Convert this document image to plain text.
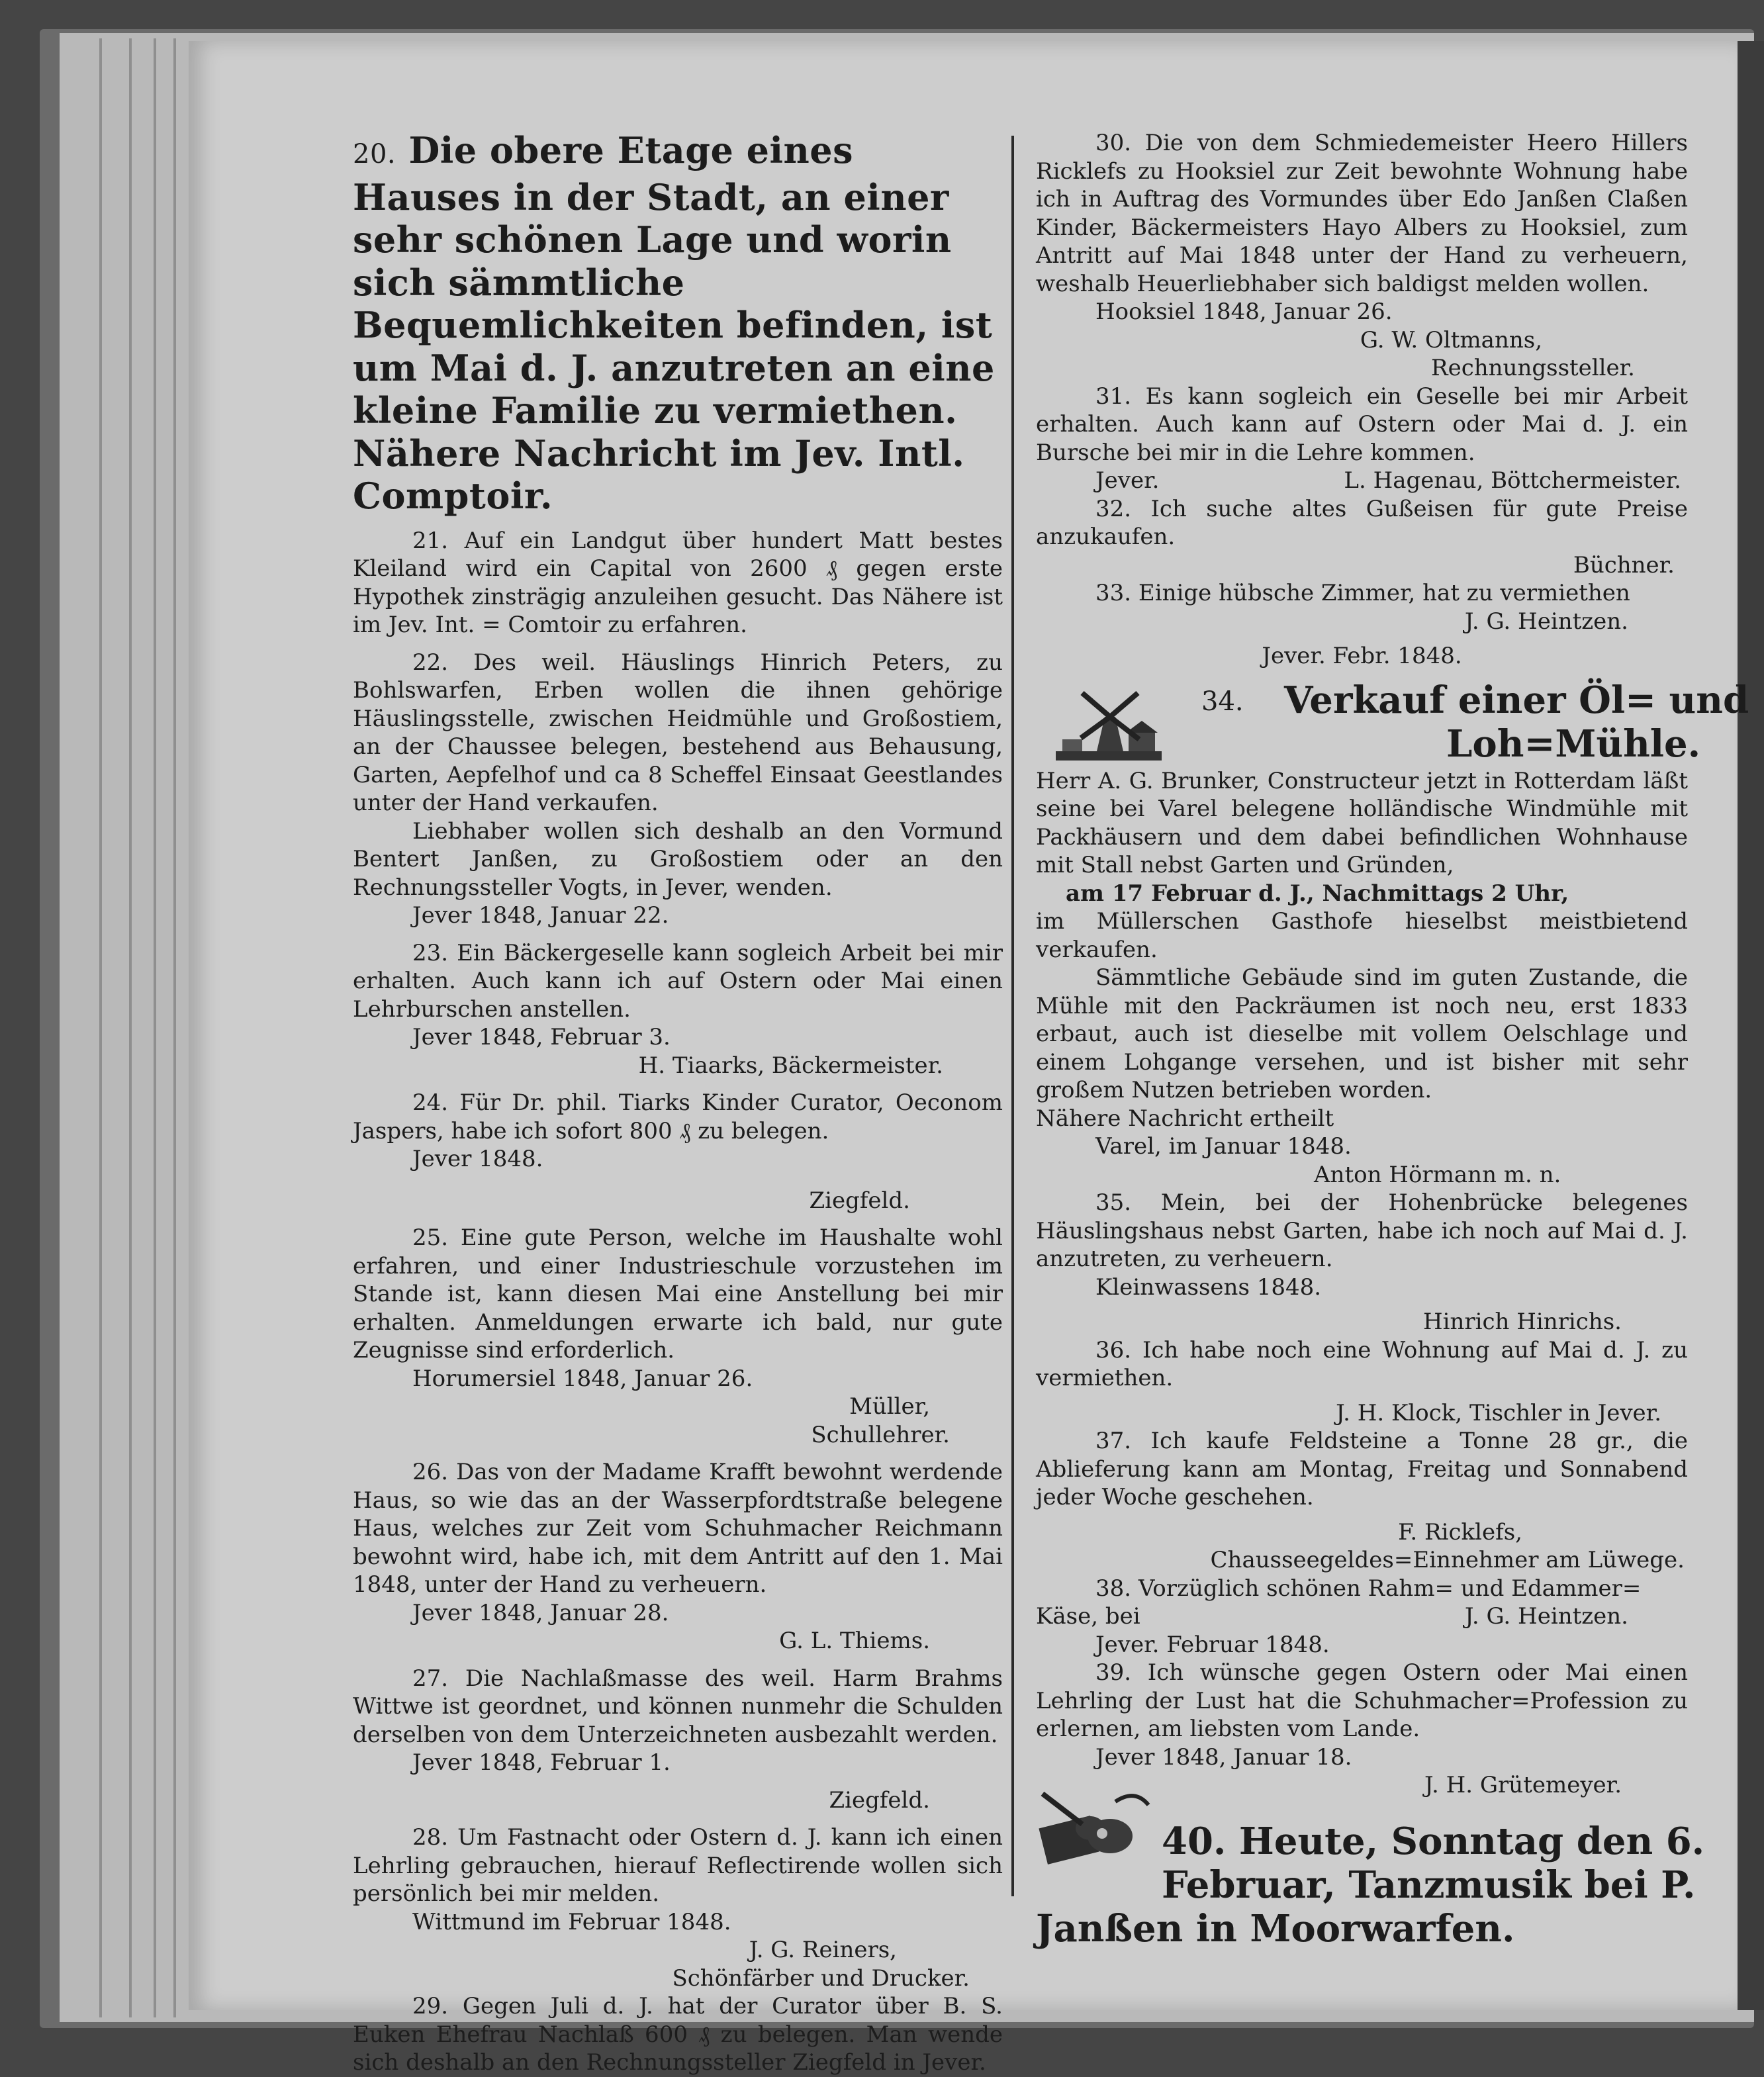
20. Die obere Etage eines Hauses in der Stadt, an einer sehr schönen Lage und worin sich sämmtliche Bequemlichkeiten befinden, ist um Mai d. J. anzutreten an eine kleine Familie zu vermiethen. Nähere Nachricht im Jev. Intl. Comptoir.

21. Auf ein Landgut über hundert Matt bestes Kleiland wird ein Capital von 2600 ₰ gegen erste Hypothek zinsträgig anzuleihen gesucht. Das Nähere ist im Jev. Int. = Comtoir zu erfahren.

22. Des weil. Häuslings Hinrich Peters, zu Bohlswarfen, Erben wollen die ihnen gehörige Häuslingsstelle, zwischen Heidmühle und Großostiem, an der Chaussee belegen, bestehend aus Behausung, Garten, Aepfelhof und ca 8 Scheffel Einsaat Geestlandes unter der Hand verkaufen.

Liebhaber wollen sich deshalb an den Vormund Bentert Janßen, zu Großostiem oder an den Rechnungssteller Vogts, in Jever, wenden.

Jever 1848, Januar 22.

23. Ein Bäckergeselle kann sogleich Arbeit bei mir erhalten. Auch kann ich auf Ostern oder Mai einen Lehrburschen anstellen.

Jever 1848, Februar 3.

H. Tiaarks, Bäckermeister.

24. Für Dr. phil. Tiarks Kinder Curator, Oeconom Jaspers, habe ich sofort 800 ₰ zu belegen.

Jever 1848.

Ziegfeld.

25. Eine gute Person, welche im Haushalte wohl erfahren, und einer Industrieschule vorzustehen im Stande ist, kann diesen Mai eine Anstellung bei mir erhalten. Anmeldungen erwarte ich bald, nur gute Zeugnisse sind erforderlich.

Horumersiel 1848, Januar 26.

Müller,

Schullehrer.

26. Das von der Madame Krafft bewohnt werdende Haus, so wie das an der Wasserpfordtstraße belegene Haus, welches zur Zeit vom Schuhmacher Reichmann bewohnt wird, habe ich, mit dem Antritt auf den 1. Mai 1848, unter der Hand zu verheuern.

Jever 1848, Januar 28.

G. L. Thiems.

27. Die Nachlaßmasse des weil. Harm Brahms Wittwe ist geordnet, und können nunmehr die Schulden derselben von dem Unterzeichneten ausbezahlt werden.

Jever 1848, Februar 1.

Ziegfeld.

28. Um Fastnacht oder Ostern d. J. kann ich einen Lehrling gebrauchen, hierauf Reflectirende wollen sich persönlich bei mir melden.

Wittmund im Februar 1848.

J. G. Reiners,

Schönfärber und Drucker.

29. Gegen Juli d. J. hat der Curator über B. S. Euken Ehefrau Nachlaß 600 ₰ zu belegen. Man wende sich deshalb an den Rechnungssteller Ziegfeld in Jever.

30. Die von dem Schmiedemeister Heero Hillers Ricklefs zu Hooksiel zur Zeit bewohnte Wohnung habe ich in Auftrag des Vormundes über Edo Janßen Claßen Kinder, Bäckermeisters Hayo Albers zu Hooksiel, zum Antritt auf Mai 1848 unter der Hand zu verheuern, weshalb Heuerliebhaber sich baldigst melden wollen.

Hooksiel 1848, Januar 26.

G. W. Oltmanns,

Rechnungssteller.

31. Es kann sogleich ein Geselle bei mir Arbeit erhalten. Auch kann auf Ostern oder Mai d. J. ein Bursche bei mir in die Lehre kommen.

Jever.	L. Hagenau, Böttchermeister.

32. Ich suche altes Gußeisen für gute Preise anzukaufen.

Büchner.

33. Einige hübsche Zimmer, hat zu vermiethen

J. G. Heintzen.

Jever. Febr. 1848.

34. Verkauf einer Öl= und
Loh=Mühle.

Herr A. G. Brunker, Constructeur jetzt in Rotterdam läßt seine bei Varel belegene holländische Windmühle mit Packhäusern und dem dabei befindlichen Wohnhause mit Stall nebst Garten und Gründen,

am 17 Februar d. J., Nachmittags 2 Uhr,

im Müllerschen Gasthofe hieselbst meistbietend verkaufen.

Sämmtliche Gebäude sind im guten Zustande, die Mühle mit den Packräumen ist noch neu, erst 1833 erbaut, auch ist dieselbe mit vollem Oelschlage und einem Lohgange versehen, und ist bisher mit sehr großem Nutzen betrieben worden.

Nähere Nachricht ertheilt

Varel, im Januar 1848.

Anton Hörmann m. n.

35. Mein, bei der Hohenbrücke belegenes Häuslingshaus nebst Garten, habe ich noch auf Mai d. J. anzutreten, zu verheuern.

Kleinwassens 1848.

Hinrich Hinrichs.

36. Ich habe noch eine Wohnung auf Mai d. J. zu vermiethen.

J. H. Klock, Tischler in Jever.

37. Ich kaufe Feldsteine a Tonne 28 gr., die Ablieferung kann am Montag, Freitag und Sonnabend jeder Woche geschehen.

F. Ricklefs,

Chausseegeldes=Einnehmer am Lüwege.

38. Vorzüglich schönen Rahm= und Edammer=

Käse, bei	J. G. Heintzen.

Jever. Februar 1848.

39. Ich wünsche gegen Ostern oder Mai einen Lehrling der Lust hat die Schuhmacher=Profession zu erlernen, am liebsten vom Lande.

Jever 1848, Januar 18.

J. H. Grütemeyer.

40. Heute, Sonntag den 6.

Februar, Tanzmusik bei P.

Janßen in Moorwarfen.
